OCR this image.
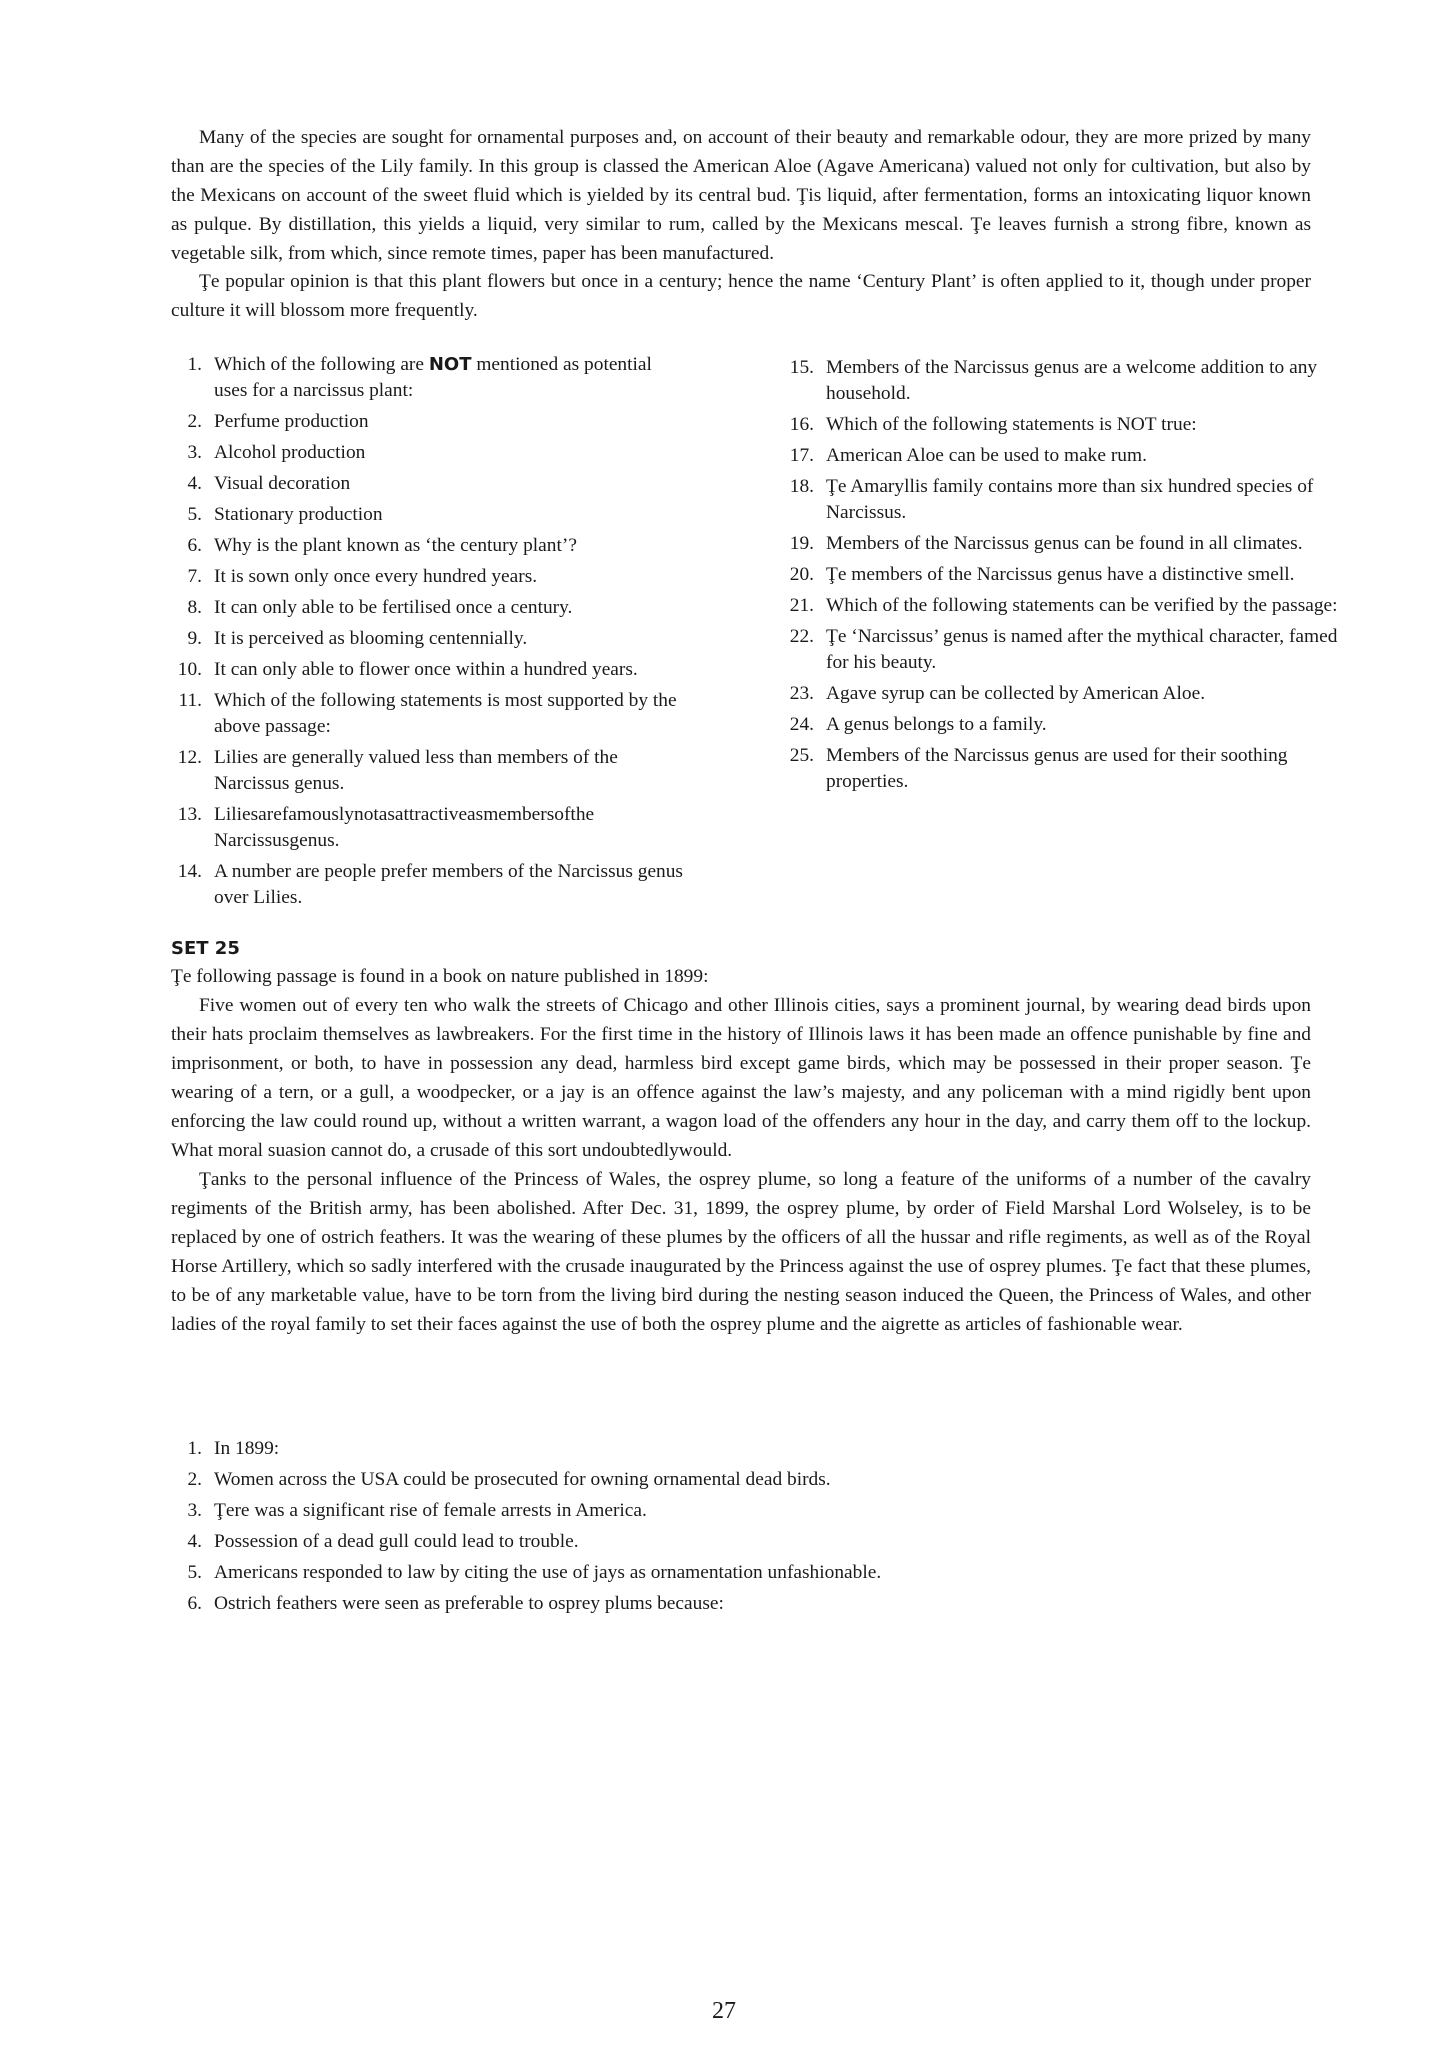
Many of the species are sought for ornamental purposes and, on account of their beauty and remarkable odour, they are more prized by many than are the species of the Lily family. In this group is classed the American Aloe (Agave Americana) valued not only for cultivation, but also by the Mexicans on account of the sweet fluid which is yielded by its central bud. Ţis liquid, after fermentation, forms an intoxicating liquor known as pulque. By distillation, this yields a liquid, very similar to rum, called by the Mexicans mescal. Ţe leaves furnish a strong fibre, known as vegetable silk, from which, since remote times, paper has been manufactured.

Ţe popular opinion is that this plant flowers but once in a century; hence the name ‘Century Plant’ is often applied to it, though under proper culture it will blossom more frequently.

1. Which of the following are NOT mentioned as potential uses for a narcissus plant:
2. Perfume production
3. Alcohol production
4. Visual decoration
5. Stationary production
6. Why is the plant known as ‘the century plant’?
7. It is sown only once every hundred years.
8. It can only able to be fertilised once a century.
9. It is perceived as blooming centennially.
10. It can only able to flower once within a hundred years.
11. Which of the following statements is most supported by the above passage:
12. Lilies are generally valued less than members of the Narcissus genus.
13. Liliesarefamouslynotasattractiveasmembersofthe Narcissusgenus.
14. A number are people prefer members of the Narcissus genus over Lilies.
15. Members of the Narcissus genus are a welcome addition to any household.
16. Which of the following statements is NOT true:
17. American Aloe can be used to make rum.
18. Ţe Amaryllis family contains more than six hundred species of Narcissus.
19. Members of the Narcissus genus can be found in all climates.
20. Ţe members of the Narcissus genus have a distinctive smell.
21. Which of the following statements can be verified by the passage:
22. Ţe ‘Narcissus’ genus is named after the mythical character, famed for his beauty.
23. Agave syrup can be collected by American Aloe.
24. A genus belongs to a family.
25. Members of the Narcissus genus are used for their soothing properties.
SET 25

Ţe following passage is found in a book on nature published in 1899:

Five women out of every ten who walk the streets of Chicago and other Illinois cities, says a prominent journal, by wearing dead birds upon their hats proclaim themselves as lawbreakers. For the first time in the history of Illinois laws it has been made an offence punishable by fine and imprisonment, or both, to have in possession any dead, harmless bird except game birds, which may be possessed in their proper season. Ţe wearing of a tern, or a gull, a woodpecker, or a jay is an offence against the law’s majesty, and any policeman with a mind rigidly bent upon enforcing the law could round up, without a written warrant, a wagon load of the offenders any hour in the day, and carry them off to the lockup. What moral suasion cannot do, a crusade of this sort undoubtedlywould.

Ţanks to the personal influence of the Princess of Wales, the osprey plume, so long a feature of the uniforms of a number of the cavalry regiments of the British army, has been abolished. After Dec. 31, 1899, the osprey plume, by order of Field Marshal Lord Wolseley, is to be replaced by one of ostrich feathers. It was the wearing of these plumes by the officers of all the hussar and rifle regiments, as well as of the Royal Horse Artillery, which so sadly interfered with the crusade inaugurated by the Princess against the use of osprey plumes. Ţe fact that these plumes, to be of any marketable value, have to be torn from the living bird during the nesting season induced the Queen, the Princess of Wales, and other ladies of the royal family to set their faces against the use of both the osprey plume and the aigrette as articles of fashionable wear.

1. In 1899:
2. Women across the USA could be prosecuted for owning ornamental dead birds.
3. Ţere was a significant rise of female arrests in America.
4. Possession of a dead gull could lead to trouble.
5. Americans responded to law by citing the use of jays as ornamentation unfashionable.
6. Ostrich feathers were seen as preferable to osprey plums because:
27
